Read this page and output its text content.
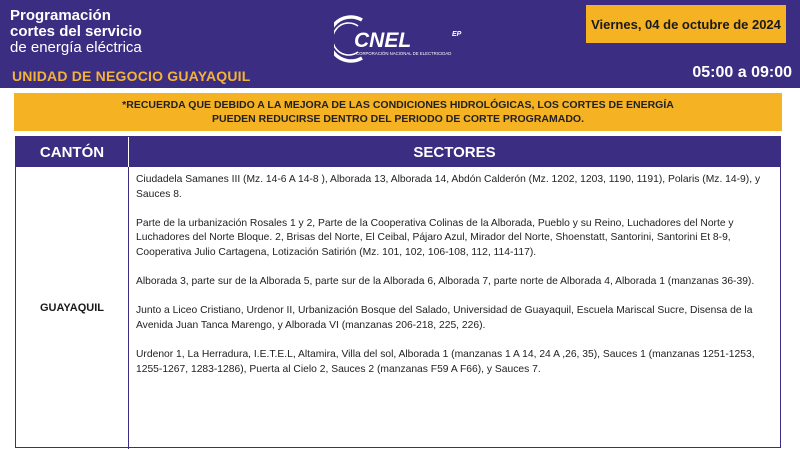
Programación
cortes del servicio
de energía eléctrica
UNIDAD DE NEGOCIO GUAYAQUIL
CNEL	EP
CORPORACIÓN NACIONAL DE ELECTRICIDAD
Viernes, 04 de octubre de 2024
05:00 a 09:00
*RECUERDA QUE DEBIDO A LA MEJORA DE LAS CONDICIONES HIDROLÓGICAS, LOS CORTES DE ENERGÍA
PUEDEN REDUCIRSE DENTRO DEL PERIODO DE CORTE PROGRAMADO.
CANTÓN	SECTORES
GUAYAQUIL

Ciudadela Samanes III (Mz. 14-6 A 14-8 ), Alborada 13, Alborada 14, Abdón Calderón (Mz. 1202, 1203, 1190, 1191), Polaris (Mz. 14-9), y Sauces 8.

Parte de la urbanización Rosales 1 y 2, Parte de la Cooperativa Colinas de la Alborada, Pueblo y su Reino, Luchadores del Norte y Luchadores del Norte Bloque. 2, Brisas del Norte, El Ceibal, Pájaro Azul, Mirador del Norte, Shoenstatt, Santorini, Santorini Et 8-9, Cooperativa Julio Cartagena, Lotización Satirión (Mz. 101, 102, 106-108, 112, 114-117).

Alborada 3, parte sur de la Alborada 5, parte sur de la Alborada 6, Alborada 7, parte norte de Alborada 4, Alborada 1 (manzanas 36-39).

Junto a Liceo Cristiano, Urdenor II, Urbanización Bosque del Salado, Universidad de Guayaquil, Escuela Mariscal Sucre, Disensa de la Avenida Juan Tanca Marengo, y Alborada VI (manzanas 206-218, 225, 226).

Urdenor 1, La Herradura, I.E.T.E.L, Altamira, Villa del sol, Alborada 1 (manzanas 1 A 14, 24 A ,26, 35), Sauces 1 (manzanas 1251-1253, 1255-1267, 1283-1286), Puerta al Cielo 2, Sauces 2 (manzanas F59 A F66), y Sauces 7.
